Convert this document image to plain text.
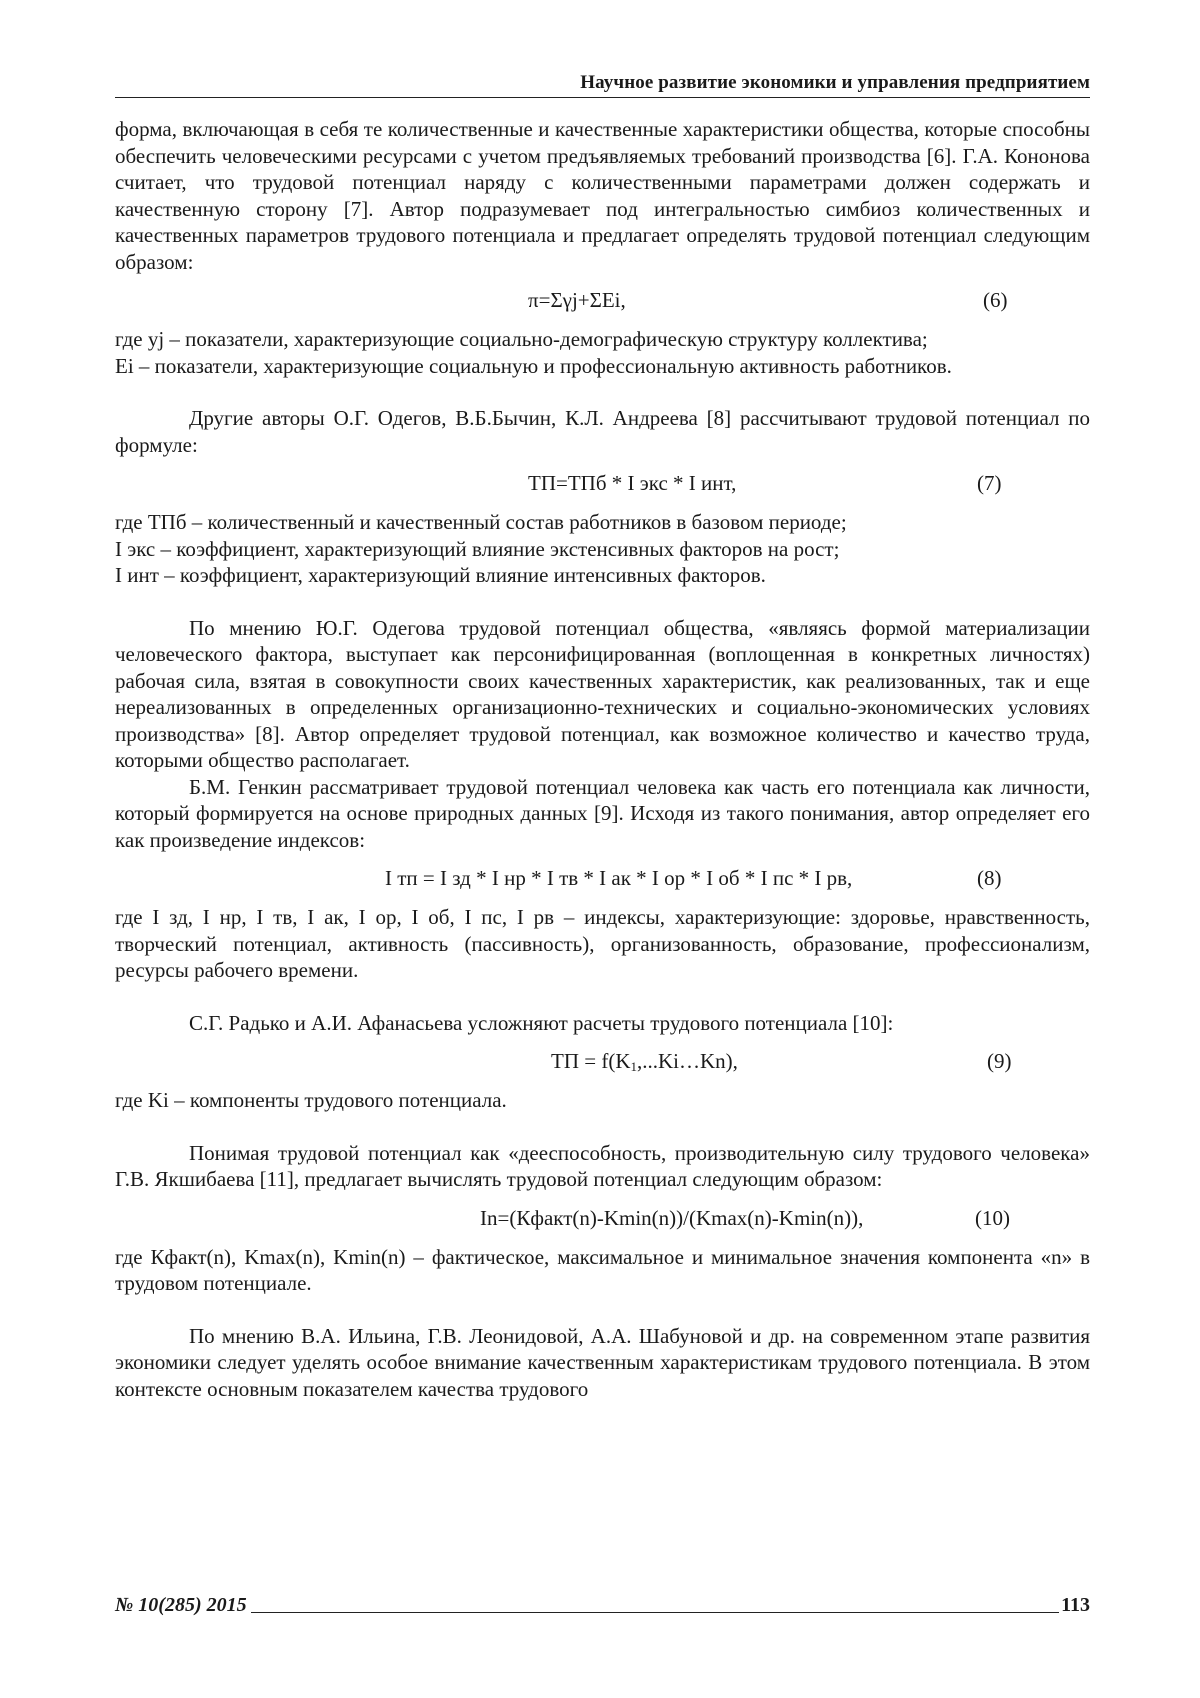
Научное развитие экономики и управления предприятием

форма, включающая в себя те количественные и качественные характеристики общества, которые способны обеспечить человеческими ресурсами с учетом предъявляемых требований производства [6]. Г.А. Кононова считает, что трудовой потенциал наряду с количественными параметрами должен содержать и качественную сторону [7]. Автор подразумевает под интегральностью симбиоз количественных и качественных параметров трудового потенциала и предлагает определять трудовой потенциал следующим образом:

π=Σγj+ΣEi,	(6)

где уj – показатели, характеризующие социально-демографическую структуру коллектива;

Ei – показатели, характеризующие социальную и профессиональную активность работников.

Другие авторы О.Г. Одегов, В.Б.Бычин, К.Л. Андреева [8] рассчитывают трудовой потенциал по формуле:

ТП=ТПб * I экс * I инт,	(7)

где ТПб – количественный и качественный состав работников в базовом периоде;

I экс – коэффициент, характеризующий влияние экстенсивных факторов на рост;

I инт – коэффициент, характеризующий влияние интенсивных факторов.

По мнению Ю.Г. Одегова трудовой потенциал общества, «являясь формой материализации человеческого фактора, выступает как персонифицированная (воплощенная в конкретных личностях) рабочая сила, взятая в совокупности своих качественных характеристик, как реализованных, так и еще нереализованных в определенных организационно-технических и социально-экономических условиях производства» [8]. Автор определяет трудовой потенциал, как возможное количество и качество труда, которыми общество располагает.

Б.М. Генкин рассматривает трудовой потенциал человека как часть его потенциала как личности, который формируется на основе природных данных [9]. Исходя из такого понимания, автор определяет его как произведение индексов:

I тп = I зд * I нр * I тв * I ак * I ор * I об * I пс * I рв,	(8)

где I зд, I нр, I тв, I ак, I ор, I об, I пс, I рв – индексы, характеризующие: здоровье, нравственность, творческий потенциал, активность (пассивность), организованность, образование, профессионализм, ресурсы рабочего времени.

С.Г. Радько и А.И. Афанасьева усложняют расчеты трудового потенциала [10]:

ТП = $f(K_1,...Ki\dots Kn)$,	(9)

где Ki – компоненты трудового потенциала.

Понимая трудовой потенциал как «дееспособность, производительную силу трудового человека» Г.В. Якшибаева [11], предлагает вычислять трудовой потенциал следующим образом:

In=(Кфакт(n)-Kmin(n))/(Kmax(n)-Kmin(n)),	(10)

где Кфакт(n), Kmax(n), Kmin(n) – фактическое, максимальное и минимальное значения компонента «n» в трудовом потенциале.

По мнению В.А. Ильина, Г.В. Леонидовой, А.А. Шабуновой и др. на современном этапе развития экономики следует уделять особое внимание качественным характеристикам трудового потенциала. В этом контексте основным показателем качества трудового

№ 10(285) 2015	113
